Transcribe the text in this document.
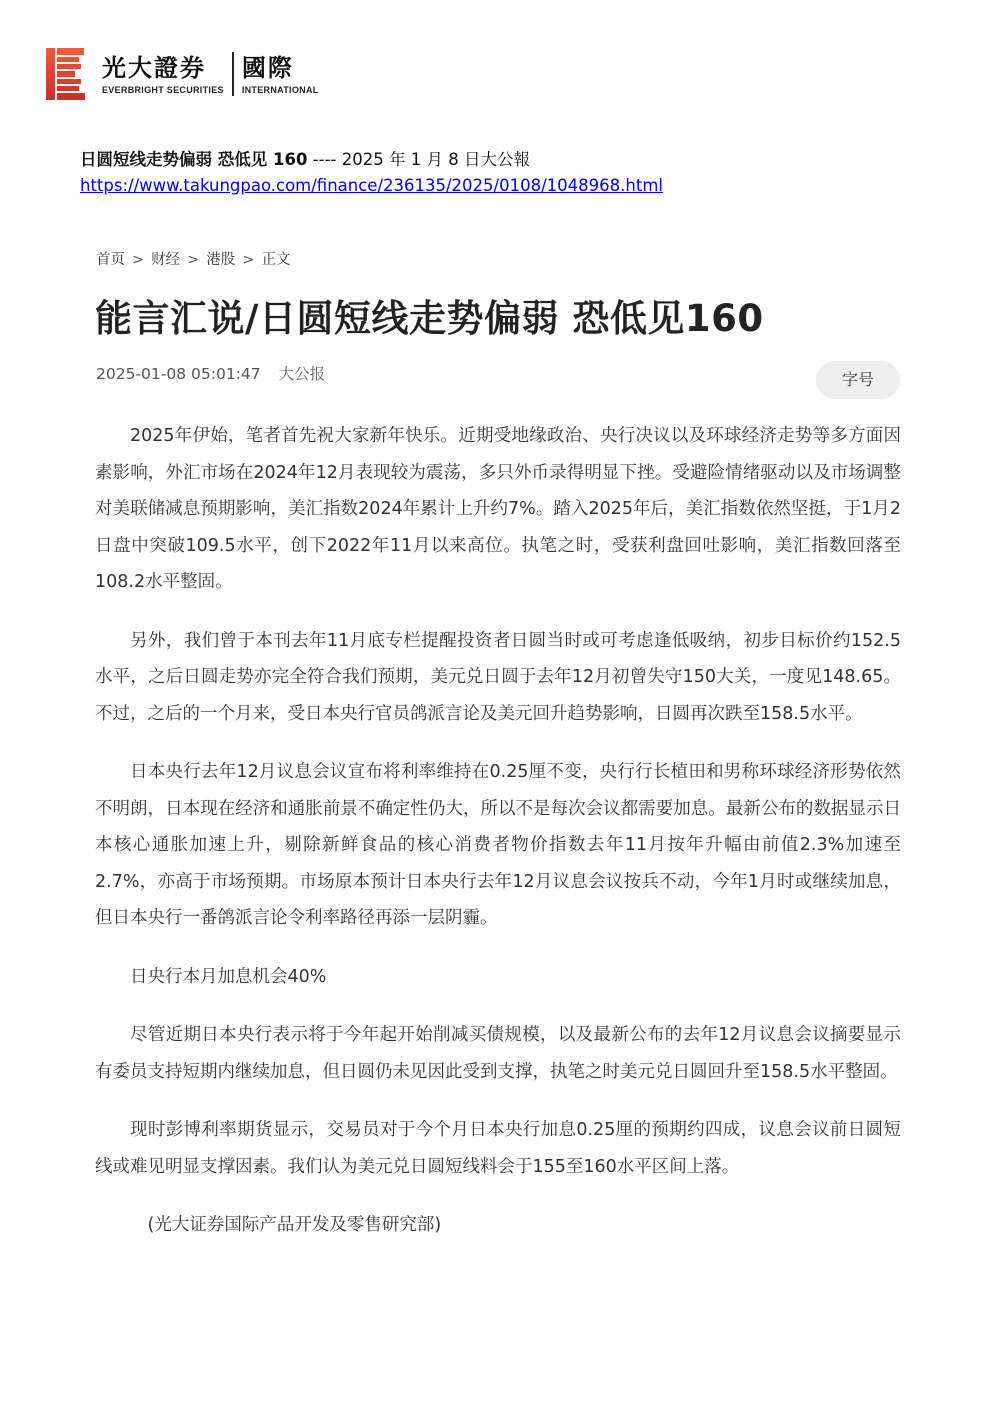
光大證券
EVERBRIGHT SECURITIES
國際
INTERNATIONAL
日圆短线走势偏弱 恐低见 160 ---- 2025 年 1 月 8 日大公報
https://www.takungpao.com/finance/236135/2025/0108/1048968.html
首页 > 财经 > 港股 > 正文
能言汇说/日圆短线走势偏弱 恐低见160
2025-01-08 05:01:47 大公报	字号

2025年伊始，笔者首先祝大家新年快乐。近期受地缘政治、央行决议以及环球经济走势等多方面因素影响，外汇市场在2024年12月表现较为震荡，多只外币录得明显下挫。受避险情绪驱动以及市场调整对美联储减息预期影响，美汇指数2024年累计上升约7%。踏入2025年后，美汇指数依然坚挺，于1月2日盘中突破109.5水平，创下2022年11月以来高位。执笔之时，受获利盘回吐影响，美汇指数回落至108.2水平整固。

另外，我们曾于本刊去年11月底专栏提醒投资者日圆当时或可考虑逢低吸纳，初步目标价约152.5水平，之后日圆走势亦完全符合我们预期，美元兑日圆于去年12月初曾失守150大关，一度见148.65。不过，之后的一个月来，受日本央行官员鸽派言论及美元回升趋势影响，日圆再次跌至158.5水平。

日本央行去年12月议息会议宣布将利率维持在0.25厘不变，央行行长植田和男称环球经济形势依然不明朗，日本现在经济和通胀前景不确定性仍大，所以不是每次会议都需要加息。最新公布的数据显示日本核心通胀加速上升，剔除新鲜食品的核心消费者物价指数去年11月按年升幅由前值2.3%加速至2.7%，亦高于市场预期。市场原本预计日本央行去年12月议息会议按兵不动，今年1月时或继续加息，但日本央行一番鸽派言论令利率路径再添一层阴霾。

日央行本月加息机会40%

尽管近期日本央行表示将于今年起开始削减买债规模，以及最新公布的去年12月议息会议摘要显示有委员支持短期内继续加息，但日圆仍未见因此受到支撑，执笔之时美元兑日圆回升至158.5水平整固。

现时彭博利率期货显示，交易员对于今个月日本央行加息0.25厘的预期约四成，议息会议前日圆短线或难见明显支撑因素。我们认为美元兑日圆短线料会于155至160水平区间上落。

(光大证券国际产品开发及零售研究部)
